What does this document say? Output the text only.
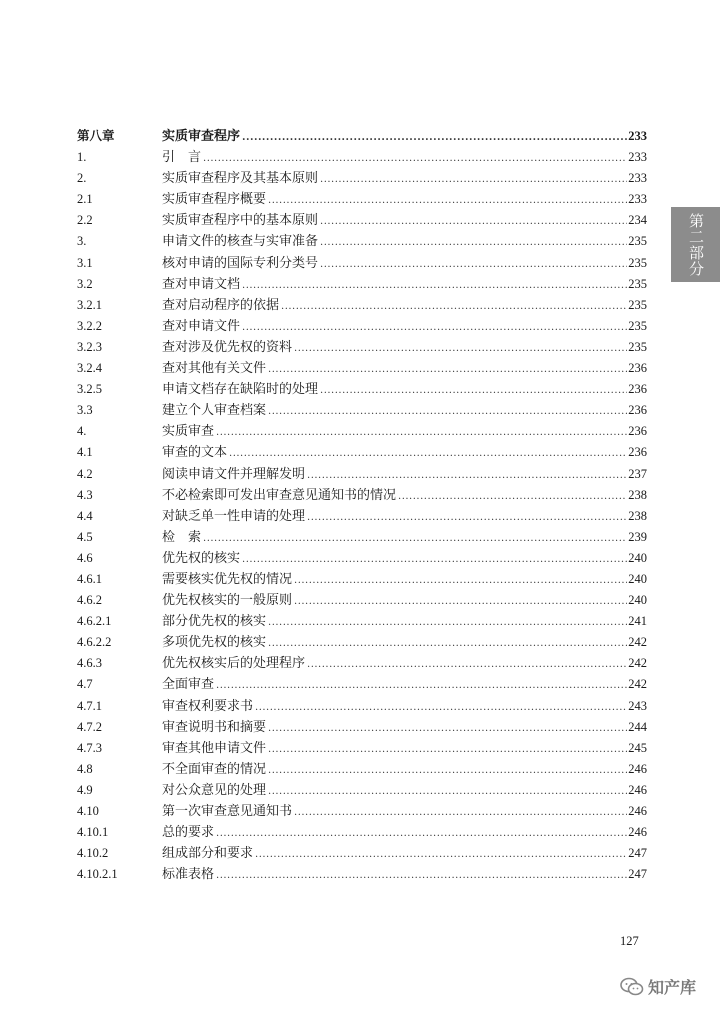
第二部分
第八章	实质审查程序 .....	233
1.	引　言 .....	233
2.	实质审查程序及其基本原则 .....	233
2.1	实质审查程序概要 .....	233
2.2	实质审查程序中的基本原则 .....	234
3.	申请文件的核查与实审准备 .....	235
3.1	核对申请的国际专利分类号 .....	235
3.2	查对申请文档 .....	235
3.2.1	查对启动程序的依据 .....	235
3.2.2	查对申请文件 .....	235
3.2.3	查对涉及优先权的资料 .....	235
3.2.4	查对其他有关文件 .....	236
3.2.5	申请文档存在缺陷时的处理 .....	236
3.3	建立个人审查档案 .....	236
4.	实质审查 .....	236
4.1	审查的文本 .....	236
4.2	阅读申请文件并理解发明 .....	237
4.3	不必检索即可发出审查意见通知书的情况 .....	238
4.4	对缺乏单一性申请的处理 .....	238
4.5	检　索 .....	239
4.6	优先权的核实 .....	240
4.6.1	需要核实优先权的情况 .....	240
4.6.2	优先权核实的一般原则 .....	240
4.6.2.1	部分优先权的核实 .....	241
4.6.2.2	多项优先权的核实 .....	242
4.6.3	优先权核实后的处理程序 .....	242
4.7	全面审查 .....	242
4.7.1	审查权利要求书 .....	243
4.7.2	审查说明书和摘要 .....	244
4.7.3	审查其他申请文件 .....	245
4.8	不全面审查的情况 .....	246
4.9	对公众意见的处理 .....	246
4.10	第一次审查意见通知书 .....	246
4.10.1	总的要求 .....	246
4.10.2	组成部分和要求 .....	247
4.10.2.1	标准表格 .....	247
127
知产库
